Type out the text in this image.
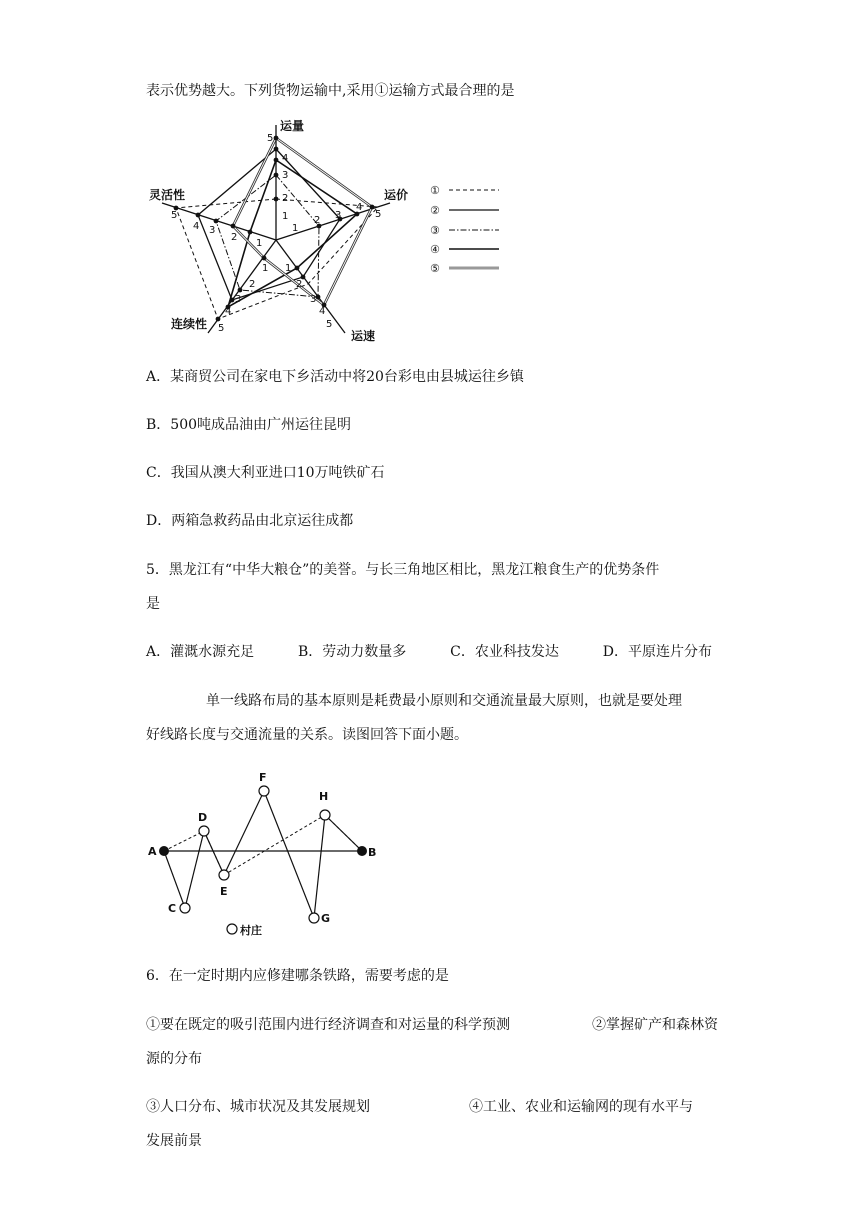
表示优势越大。下列货物运输中,采用①运输方式最合理的是
1
2
3
4
5
1
2 3
4
5
1
2
3
4
5
1
2
3
4
5
1
2
3
4
5
运量
运价
运速
连续性
灵活性	①
②
③
④
⑤
A．某商贸公司在家电下乡活动中将20台彩电由县城运往乡镇
B．500吨成品油由广州运往昆明
C．我国从澳大利亚进口10万吨铁矿石
D．两箱急救药品由北京运往成都
5．黑龙江有“中华大粮仓”的美誉。与长三角地区相比，黑龙江粮食生产的优势条件
是
A．灌溉水源充足	B．劳动力数量多	C．农业科技发达	D．平原连片分布
单一线路布局的基本原则是耗费最小原则和交通流量最大原则，也就是要处理
好线路长度与交通流量的关系。读图回答下面小题。
A	B
C
D
E
F
G
H
村庄
6．在一定时期内应修建哪条铁路，需要考虑的是
①要在既定的吸引范围内进行经济调查和对运量的科学预测	②掌握矿产和森林资
源的分布
③人口分布、城市状况及其发展规划	④工业、农业和运输网的现有水平与
发展前景
